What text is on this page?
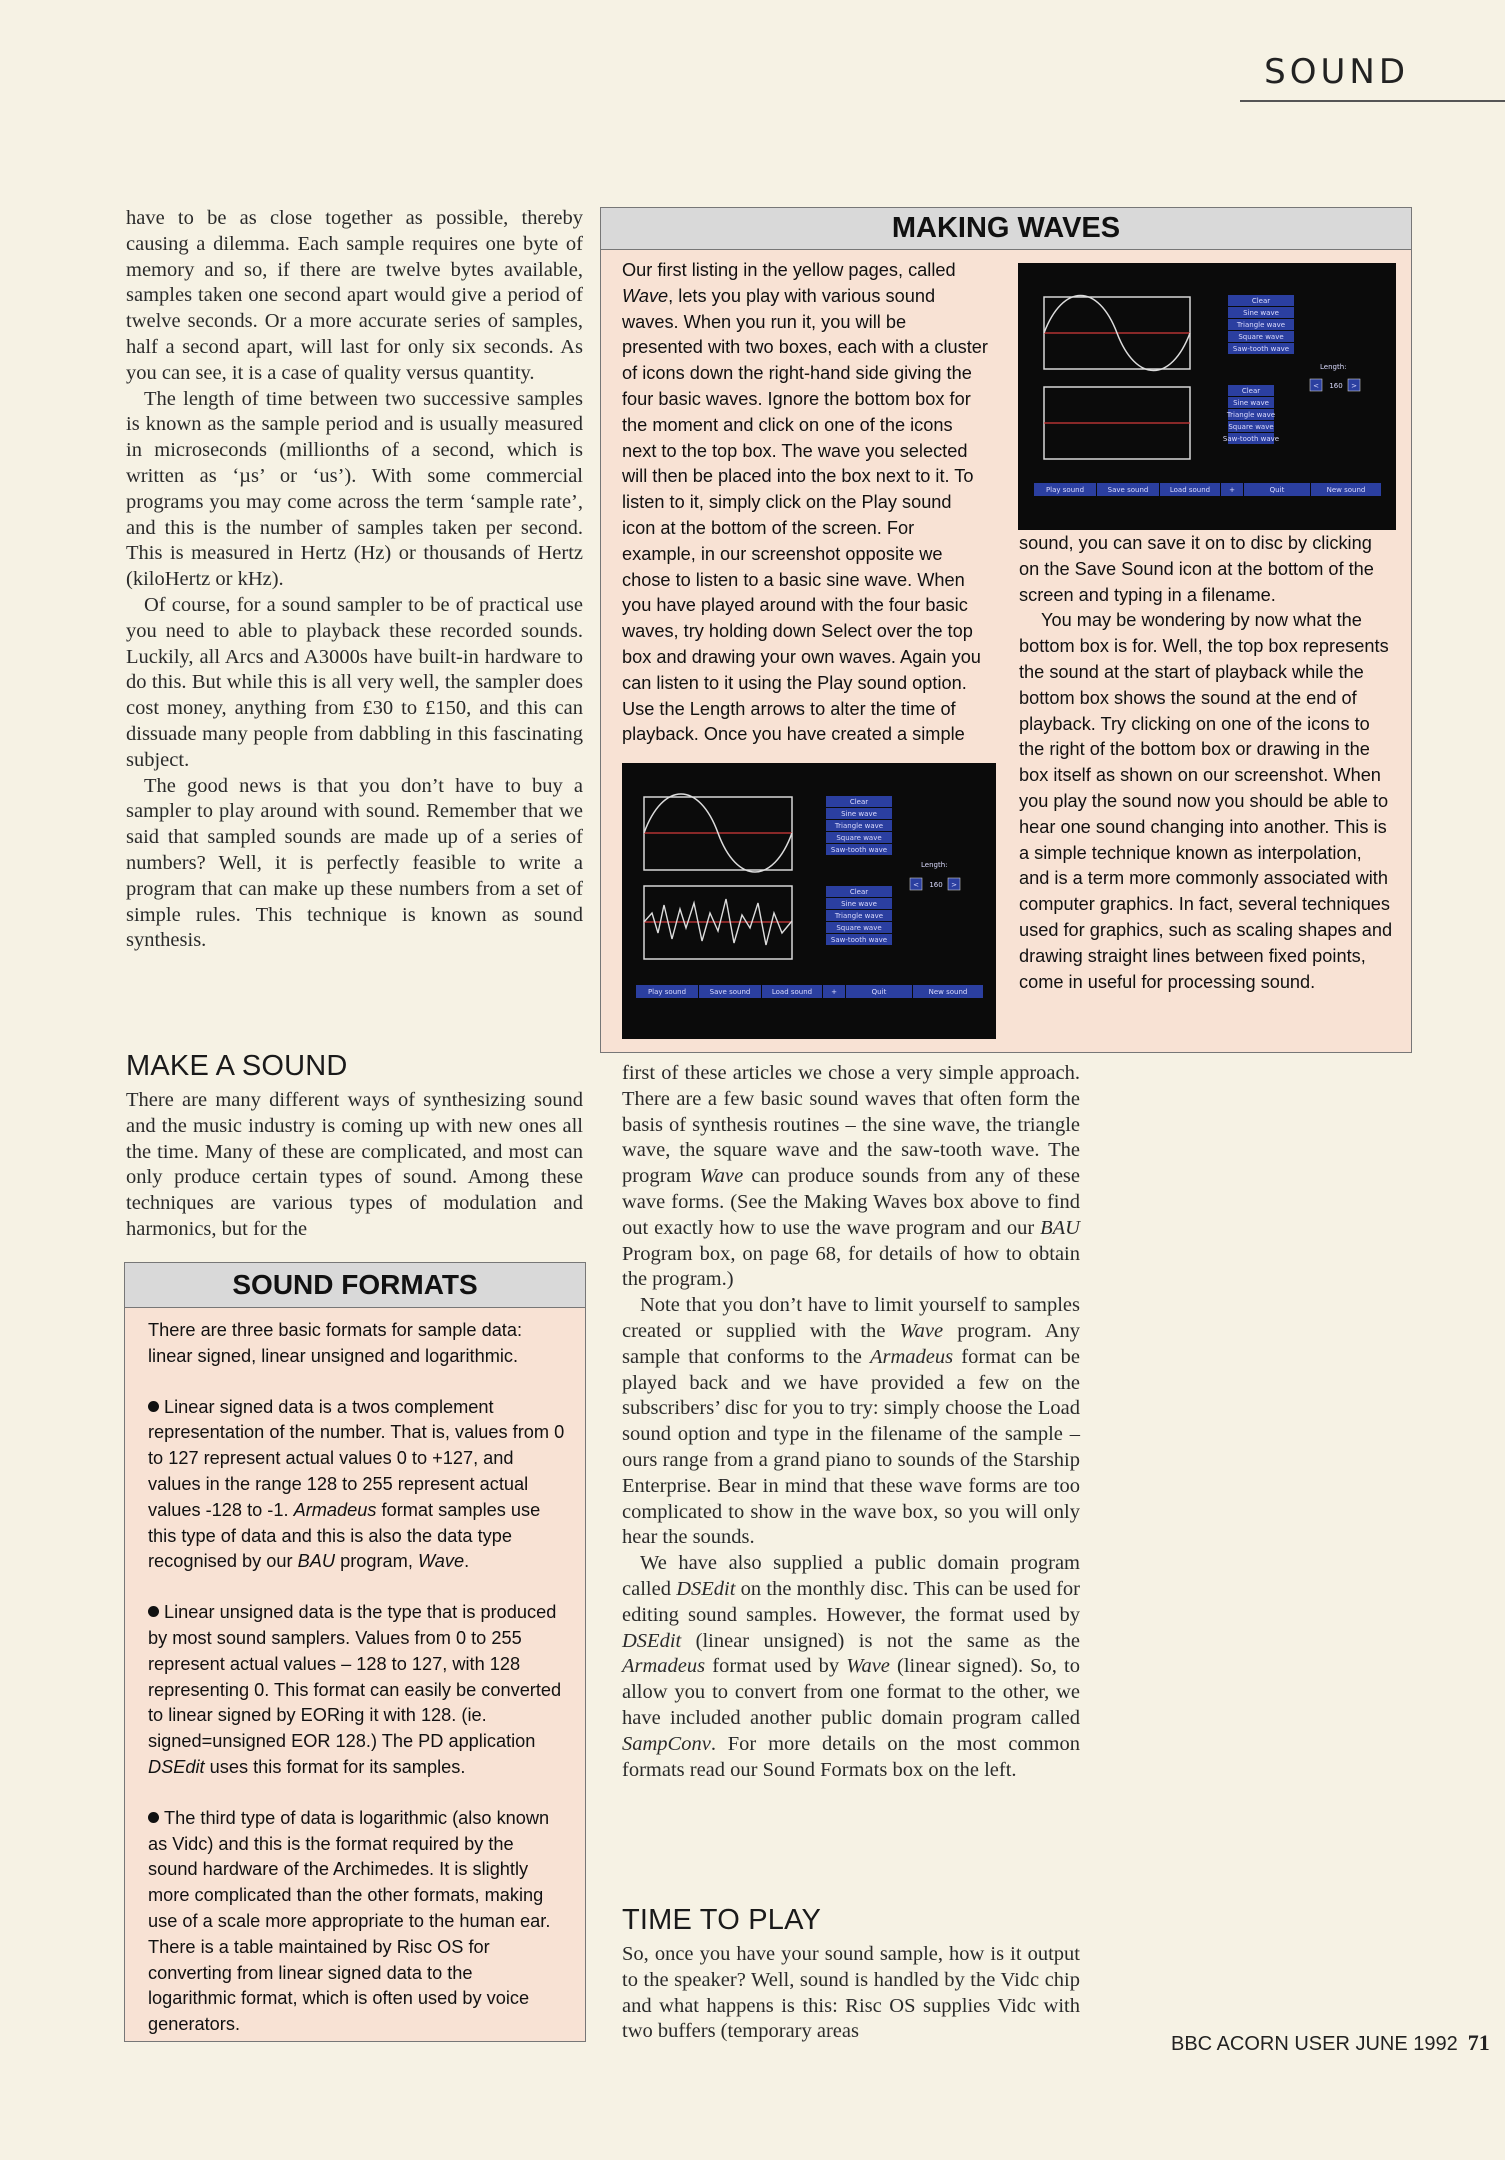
SOUND

have to be as close together as possible, thereby causing a dilemma. Each sample requires one byte of memory and so, if there are twelve bytes available, samples taken one second apart would give a period of twelve seconds. Or a more accurate series of samples, half a second apart, will last for only six seconds. As you can see, it is a case of quality versus quantity.

The length of time between two successive samples is known as the sample period and is usually measured in microseconds (millionths of a second, which is written as ‘µs’ or ‘us’). With some commercial programs you may come across the term ‘sample rate’, and this is the number of samples taken per second. This is measured in Hertz (Hz) or thousands of Hertz (kiloHertz or kHz).

Of course, for a sound sampler to be of practical use you need to able to playback these recorded sounds. Luckily, all Arcs and A3000s have built-in hardware to do this. But while this is all very well, the sampler does cost money, anything from £30 to £150, and this can dissuade many people from dabbling in this fascinating subject.

The good news is that you don’t have to buy a sampler to play around with sound. Remember that we said that sampled sounds are made up of a series of numbers? Well, it is perfectly feasible to write a program that can make up these numbers from a set of simple rules. This technique is known as sound synthesis.

MAKE A SOUND

There are many different ways of synthesizing sound and the music industry is coming up with new ones all the time. Many of these are complicated, and most can only produce certain types of sound. Among these techniques are various types of modulation and harmonics, but for the

SOUND FORMATS

There are three basic formats for sample data: linear signed, linear unsigned and logarithmic.

Linear signed data is a twos complement representation of the number. That is, values from 0 to 127 represent actual values 0 to +127, and values in the range 128 to 255 represent actual values -128 to -1. Armadeus format samples use this type of data and this is also the data type recognised by our BAU program, Wave.

Linear unsigned data is the type that is produced by most sound samplers. Values from 0 to 255 represent actual values – 128 to 127, with 128 representing 0. This format can easily be converted to linear signed by EORing it with 128. (ie. signed=unsigned EOR 128.) The PD application DSEdit uses this format for its samples.

The third type of data is logarithmic (also known as Vidc) and this is the format required by the sound hardware of the Archimedes. It is slightly more complicated than the other formats, making use of a scale more appropriate to the human ear. There is a table maintained by Risc OS for converting from linear signed data to the logarithmic format, which is often used by voice generators.

MAKING WAVES

Our first listing in the yellow pages, called Wave, lets you play with various sound waves. When you run it, you will be presented with two boxes, each with a cluster of icons down the right-hand side giving the four basic waves. Ignore the bottom box for the moment and click on one of the icons next to the top box. The wave you selected will then be placed into the box next to it. To listen to it, simply click on the Play sound icon at the bottom of the screen. For example, in our screenshot opposite we chose to listen to a basic sine wave. When you have played around with the four basic waves, try holding down Select over the top box and drawing your own waves. Again you can listen to it using the Play sound option. Use the Length arrows to alter the time of playback. Once you have created a simple

sound, you can save it on to disc by clicking on the Save Sound icon at the bottom of the screen and typing in a filename.

You may be wondering by now what the bottom box is for. Well, the top box represents the sound at the start of playback while the bottom box shows the sound at the end of playback. Try clicking on one of the icons to the right of the bottom box or drawing in the box itself as shown on our screenshot. When you play the sound now you should be able to hear one sound changing into another. This is a simple technique known as interpolation, and is a term more commonly associated with computer graphics. In fact, several techniques used for graphics, such as scaling shapes and drawing straight lines between fixed points, come in useful for processing sound.

Clear
Sine wave
Triangle wave
Square wave
Saw-tooth wave
Clear
Sine wave
Triangle wave
Square wave
Saw-tooth wave
Length:
< 160 >
Play sound	Save sound	Load sound	+	Quit	New sound
Clear
Sine wave
Triangle wave
Square wave
Saw-tooth wave
Clear
Sine wave
Triangle wave
Square wave
Saw-tooth wave
Length:
< 160 >
Play sound	Save sound	Load sound	+	Quit	New sound

first of these articles we chose a very simple approach. There are a few basic sound waves that often form the basis of synthesis routines – the sine wave, the triangle wave, the square wave and the saw-tooth wave. The program Wave can produce sounds from any of these wave forms. (See the Making Waves box above to find out exactly how to use the wave program and our BAU Program box, on page 68, for details of how to obtain the program.)

Note that you don’t have to limit yourself to samples created or supplied with the Wave program. Any sample that conforms to the Armadeus format can be played back and we have provided a few on the subscribers’ disc for you to try: simply choose the Load sound option and type in the filename of the sample – ours range from a grand piano to sounds of the Starship Enterprise. Bear in mind that these wave forms are too complicated to show in the wave box, so you will only hear the sounds.

We have also supplied a public domain program called DSEdit on the monthly disc. This can be used for editing sound samples. However, the format used by DSEdit (linear unsigned) is not the same as the Armadeus format used by Wave (linear signed). So, to allow you to convert from one format to the other, we have included another public domain program called SampConv. For more details on the most common formats read our Sound Formats box on the left.

TIME TO PLAY

So, once you have your sound sample, how is it output to the speaker? Well, sound is handled by the Vidc chip and what happens is this: Risc OS supplies Vidc with two buffers (temporary areas

BBC ACORN USER JUNE 1992 71
